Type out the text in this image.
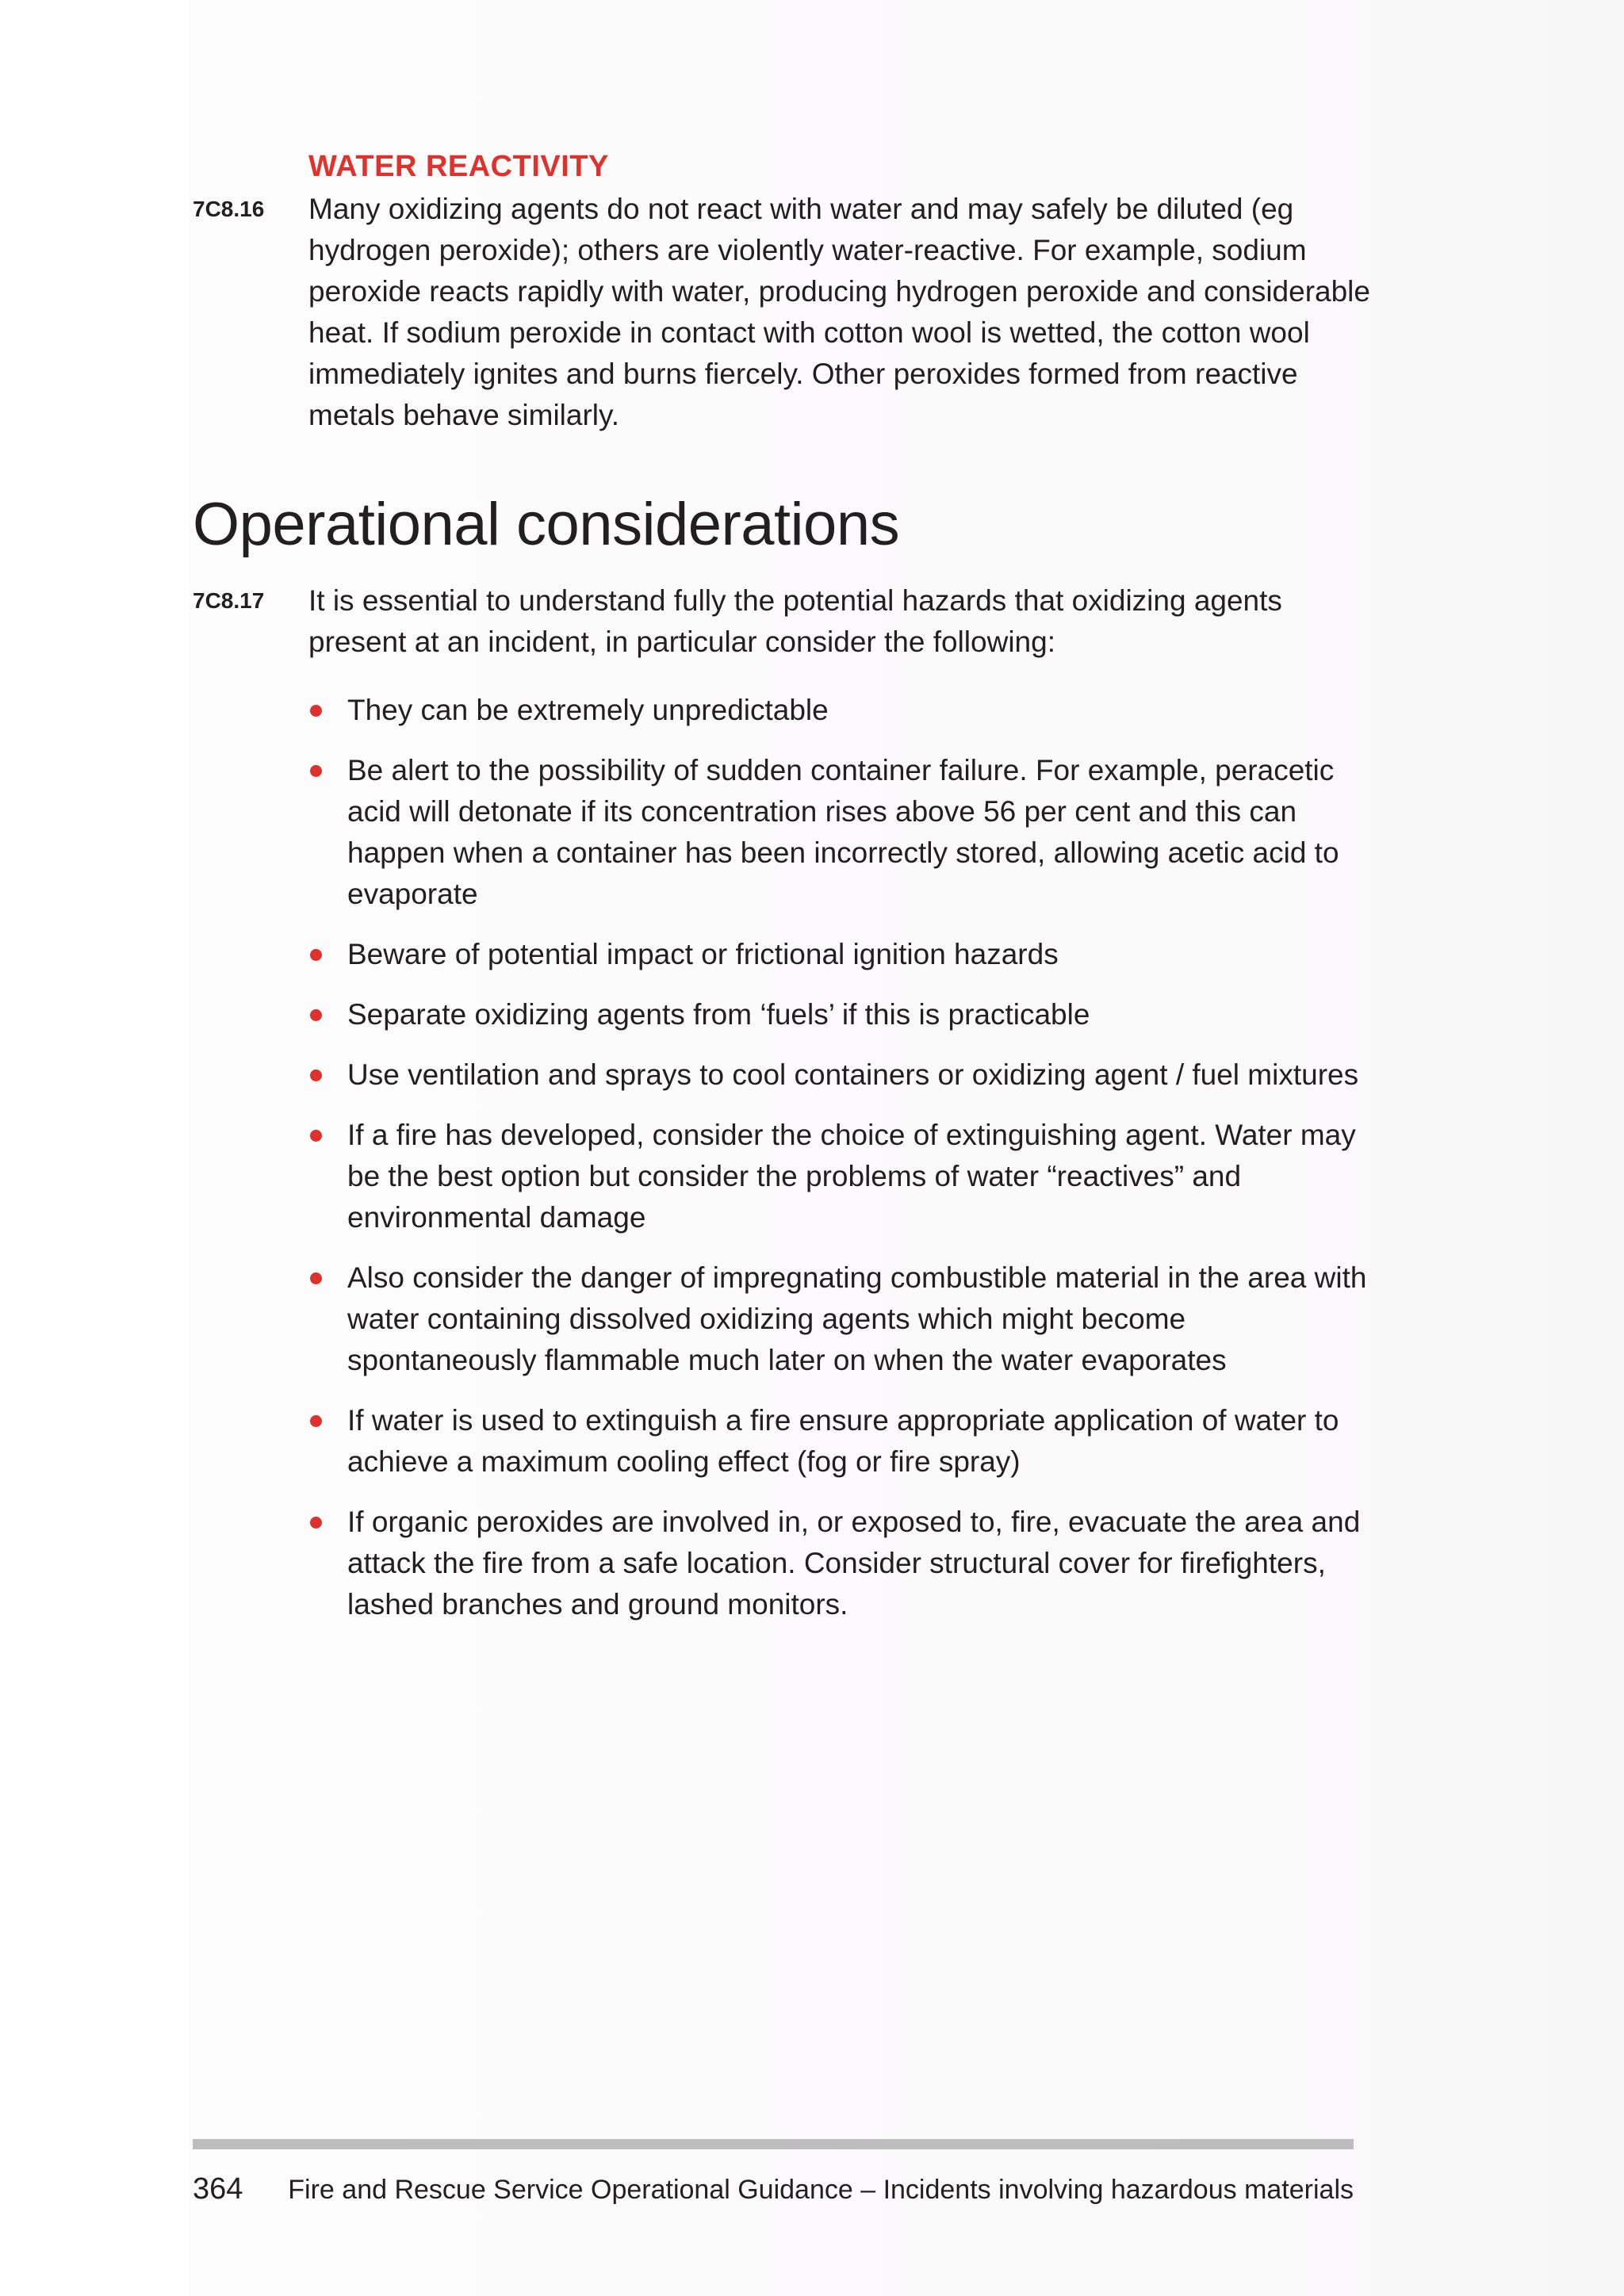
WATER REACTIVITY
7C8.16 Many oxidizing agents do not react with water and may safely be diluted (eg hydrogen peroxide); others are violently water-reactive. For example, sodium peroxide reacts rapidly with water, producing hydrogen peroxide and considerable heat. If sodium peroxide in contact with cotton wool is wetted, the cotton wool immediately ignites and burns fiercely. Other peroxides formed from reactive metals behave similarly.
Operational considerations
7C8.17 It is essential to understand fully the potential hazards that oxidizing agents present at an incident, in particular consider the following:
They can be extremely unpredictable
Be alert to the possibility of sudden container failure. For example, peracetic acid will detonate if its concentration rises above 56 per cent and this can happen when a container has been incorrectly stored, allowing acetic acid to evaporate
Beware of potential impact or frictional ignition hazards
Separate oxidizing agents from ‘fuels’ if this is practicable
Use ventilation and sprays to cool containers or oxidizing agent / fuel mixtures
If a fire has developed, consider the choice of extinguishing agent. Water may be the best option but consider the problems of water “reactives” and environmental damage
Also consider the danger of impregnating combustible material in the area with water containing dissolved oxidizing agents which might become spontaneously flammable much later on when the water evaporates
If water is used to extinguish a fire ensure appropriate application of water to achieve a maximum cooling effect (fog or fire spray)
If organic peroxides are involved in, or exposed to, fire, evacuate the area and attack the fire from a safe location. Consider structural cover for firefighters, lashed branches and ground monitors.
364 Fire and Rescue Service Operational Guidance – Incidents involving hazardous materials
